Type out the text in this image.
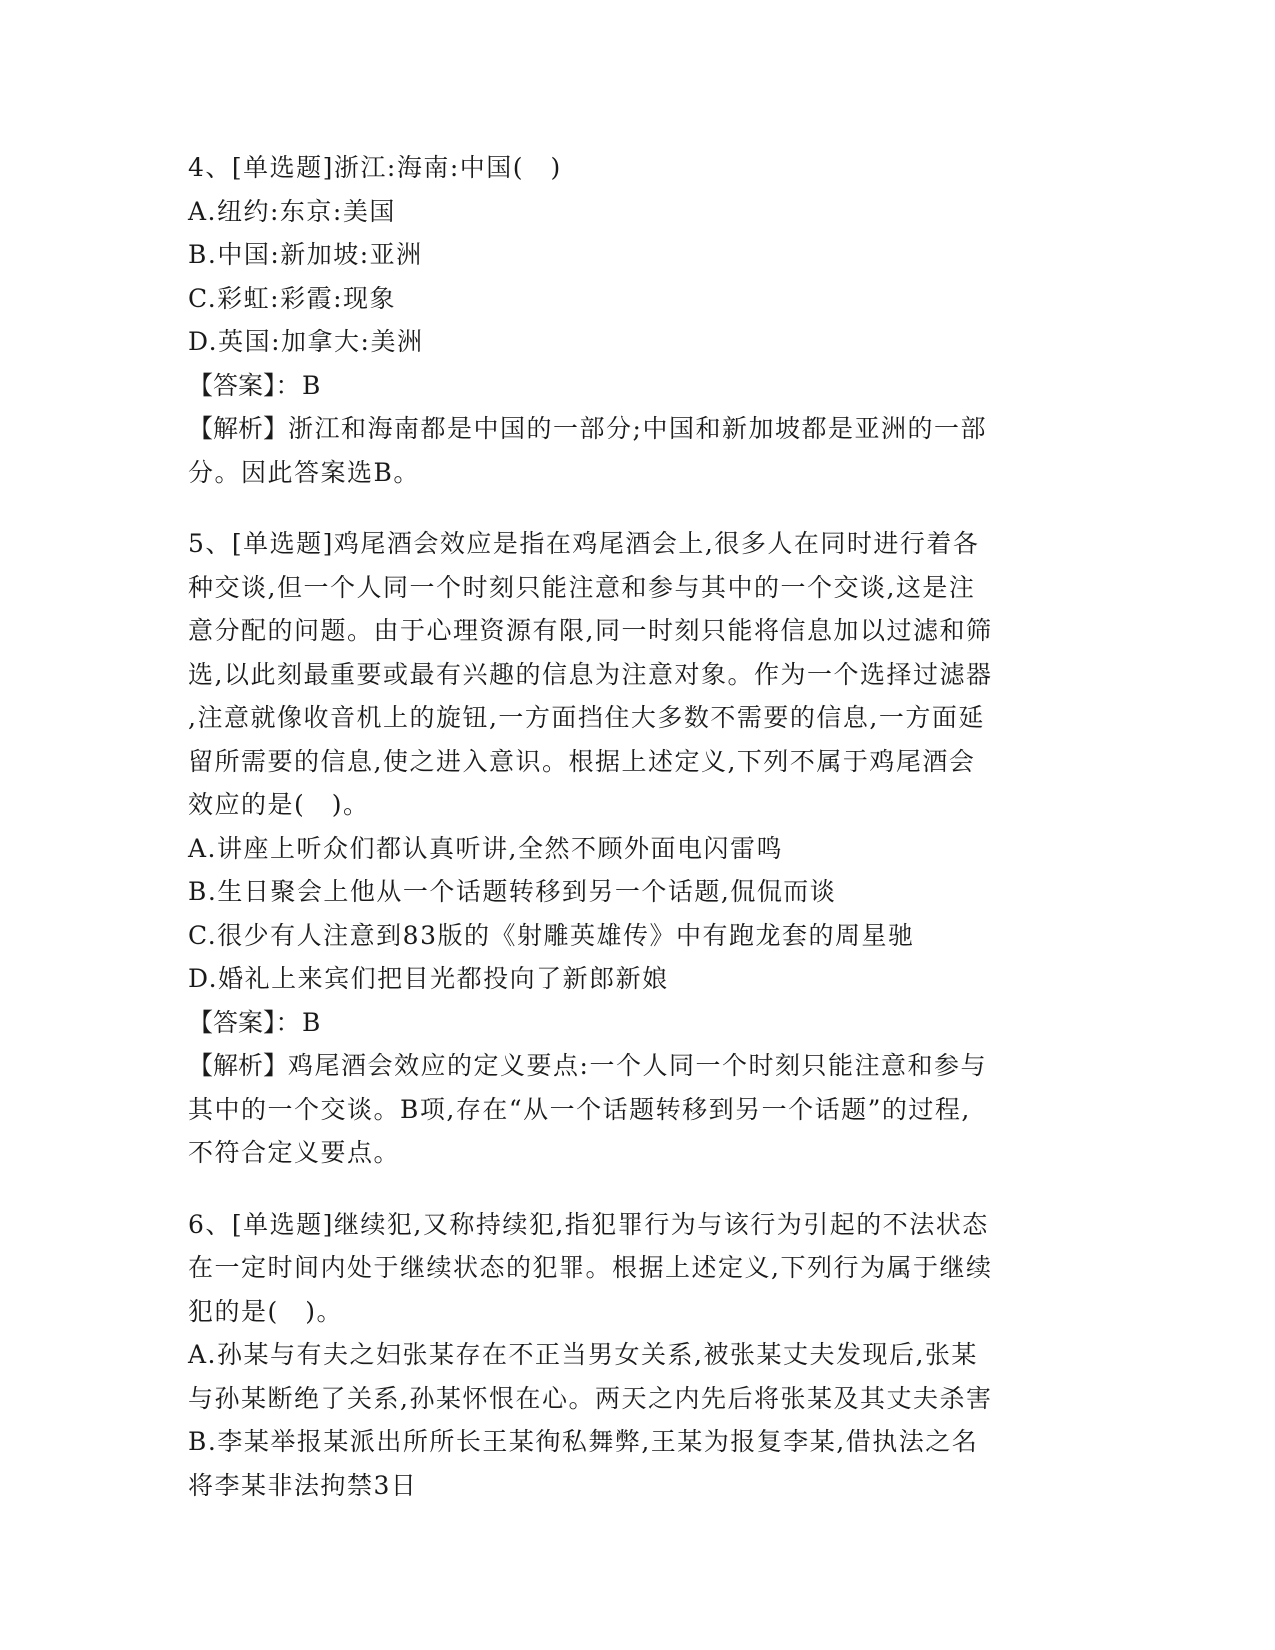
4、[单选题]浙江:海南:中国(　)

A.纽约:东京:美国

B.中国:新加坡:亚洲

C.彩虹:彩霞:现象

D.英国:加拿大:美洲

【答案】：B

【解析】浙江和海南都是中国的一部分;中国和新加坡都是亚洲的一部

分。因此答案选B。

5、[单选题]鸡尾酒会效应是指在鸡尾酒会上,很多人在同时进行着各

种交谈,但一个人同一个时刻只能注意和参与其中的一个交谈,这是注

意分配的问题。由于心理资源有限,同一时刻只能将信息加以过滤和筛

选,以此刻最重要或最有兴趣的信息为注意对象。作为一个选择过滤器

,注意就像收音机上的旋钮,一方面挡住大多数不需要的信息,一方面延

留所需要的信息,使之进入意识。根据上述定义,下列不属于鸡尾酒会

效应的是(　)。

A.讲座上听众们都认真听讲,全然不顾外面电闪雷鸣

B.生日聚会上他从一个话题转移到另一个话题,侃侃而谈

C.很少有人注意到83版的《射雕英雄传》中有跑龙套的周星驰

D.婚礼上来宾们把目光都投向了新郎新娘

【答案】：B

【解析】鸡尾酒会效应的定义要点:一个人同一个时刻只能注意和参与

其中的一个交谈。B项,存在“从一个话题转移到另一个话题”的过程,

不符合定义要点。

6、[单选题]继续犯,又称持续犯,指犯罪行为与该行为引起的不法状态

在一定时间内处于继续状态的犯罪。根据上述定义,下列行为属于继续

犯的是(　)。

A.孙某与有夫之妇张某存在不正当男女关系,被张某丈夫发现后,张某

与孙某断绝了关系,孙某怀恨在心。两天之内先后将张某及其丈夫杀害

B.李某举报某派出所所长王某徇私舞弊,王某为报复李某,借执法之名

将李某非法拘禁3日
